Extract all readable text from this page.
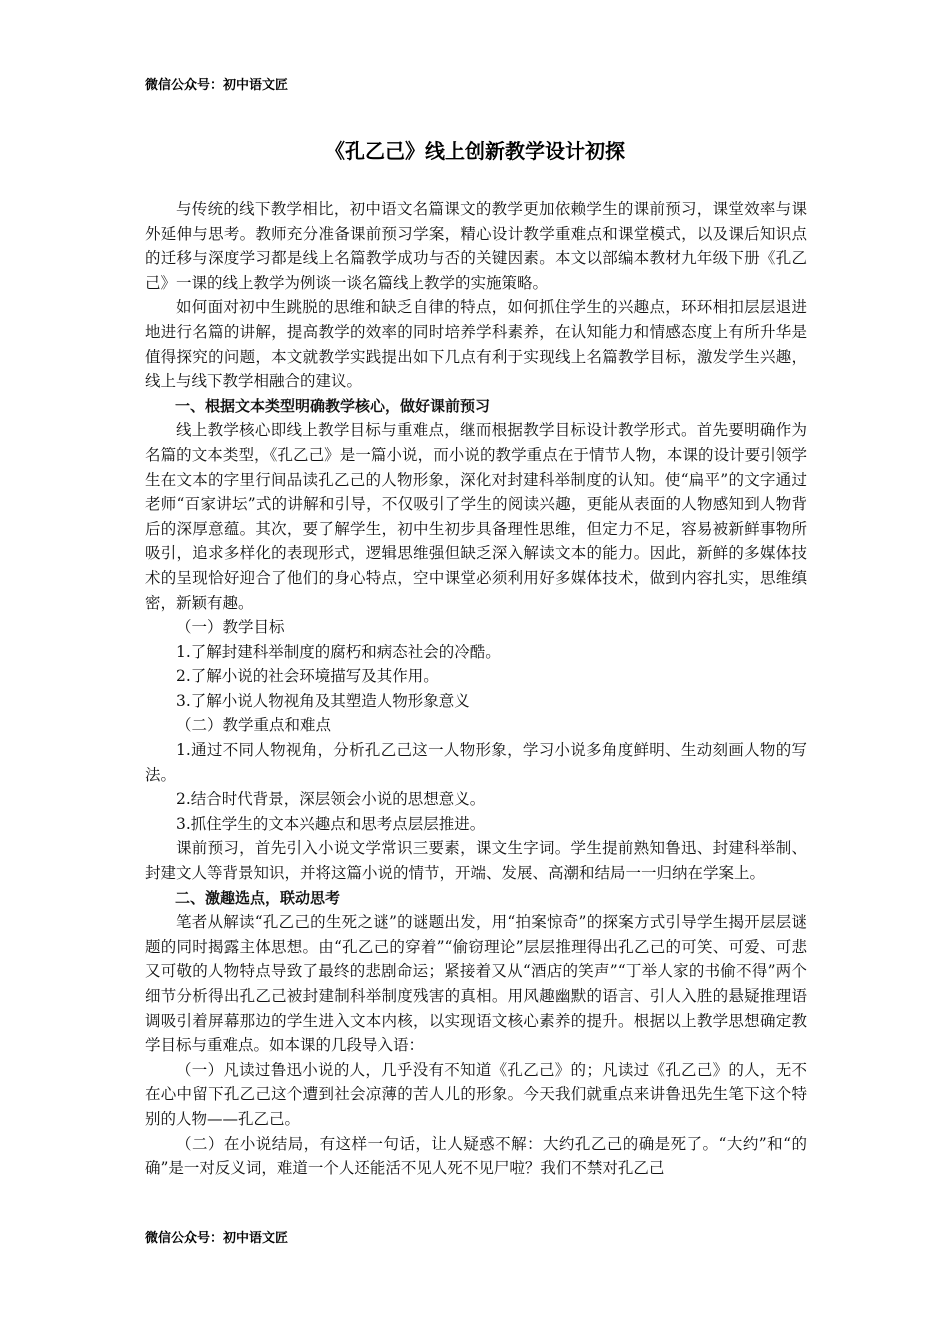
微信公众号：初中语文匠
《孔乙己》线上创新教学设计初探

与传统的线下教学相比，初中语文名篇课文的教学更加依赖学生的课前预习，课堂效率与课外延伸与思考。教师充分准备课前预习学案，精心设计教学重难点和课堂模式，以及课后知识点的迁移与深度学习都是线上名篇教学成功与否的关键因素。本文以部编本教材九年级下册《孔乙己》一课的线上教学为例谈一谈名篇线上教学的实施策略。

如何面对初中生跳脱的思维和缺乏自律的特点，如何抓住学生的兴趣点，环环相扣层层退进地进行名篇的讲解，提高教学的效率的同时培养学科素养，在认知能力和情感态度上有所升华是值得探究的问题，本文就教学实践提出如下几点有利于实现线上名篇教学目标，激发学生兴趣，线上与线下教学相融合的建议。

一、根据文本类型明确教学核心，做好课前预习

线上教学核心即线上教学目标与重难点，继而根据教学目标设计教学形式。首先要明确作为名篇的文本类型，《孔乙己》是一篇小说，而小说的教学重点在于情节人物，本课的设计要引领学生在文本的字里行间品读孔乙己的人物形象，深化对封建科举制度的认知。使“扁平”的文字通过老师“百家讲坛”式的讲解和引导，不仅吸引了学生的阅读兴趣，更能从表面的人物感知到人物背后的深厚意蕴。其次，要了解学生，初中生初步具备理性思维，但定力不足，容易被新鲜事物所吸引，追求多样化的表现形式，逻辑思维强但缺乏深入解读文本的能力。因此，新鲜的多媒体技术的呈现恰好迎合了他们的身心特点，空中课堂必须利用好多媒体技术，做到内容扎实，思维缜密，新颖有趣。

（一）教学目标

1.了解封建科举制度的腐朽和病态社会的冷酷。

2.了解小说的社会环境描写及其作用。

3.了解小说人物视角及其塑造人物形象意义

（二）教学重点和难点

1.通过不同人物视角，分析孔乙己这一人物形象，学习小说多角度鲜明、生动刻画人物的写法。

2.结合时代背景，深层领会小说的思想意义。

3.抓住学生的文本兴趣点和思考点层层推进。

课前预习，首先引入小说文学常识三要素，课文生字词。学生提前熟知鲁迅、封建科举制、封建文人等背景知识，并将这篇小说的情节，开端、发展、高潮和结局一一归纳在学案上。

二、激趣选点，联动思考

笔者从解读“孔乙己的生死之谜”的谜题出发，用“拍案惊奇”的探案方式引导学生揭开层层谜题的同时揭露主体思想。由“孔乙己的穿着”“偷窃理论”层层推理得出孔乙己的可笑、可爱、可悲又可敬的人物特点导致了最终的悲剧命运；紧接着又从“酒店的笑声”“丁举人家的书偷不得”两个细节分析得出孔乙己被封建制科举制度残害的真相。用风趣幽默的语言、引人入胜的悬疑推理语调吸引着屏幕那边的学生进入文本内核，以实现语文核心素养的提升。根据以上教学思想确定教学目标与重难点。如本课的几段导入语：

（一）凡读过鲁迅小说的人，几乎没有不知道《孔乙己》的；凡读过《孔乙己》的人，无不在心中留下孔乙己这个遭到社会凉薄的苦人儿的形象。今天我们就重点来讲鲁迅先生笔下这个特别的人物——孔乙己。

（二）在小说结局，有这样一句话，让人疑惑不解：大约孔乙己的确是死了。“大约”和“的确”是一对反义词，难道一个人还能活不见人死不见尸啦？我们不禁对孔乙己

微信公众号：初中语文匠
